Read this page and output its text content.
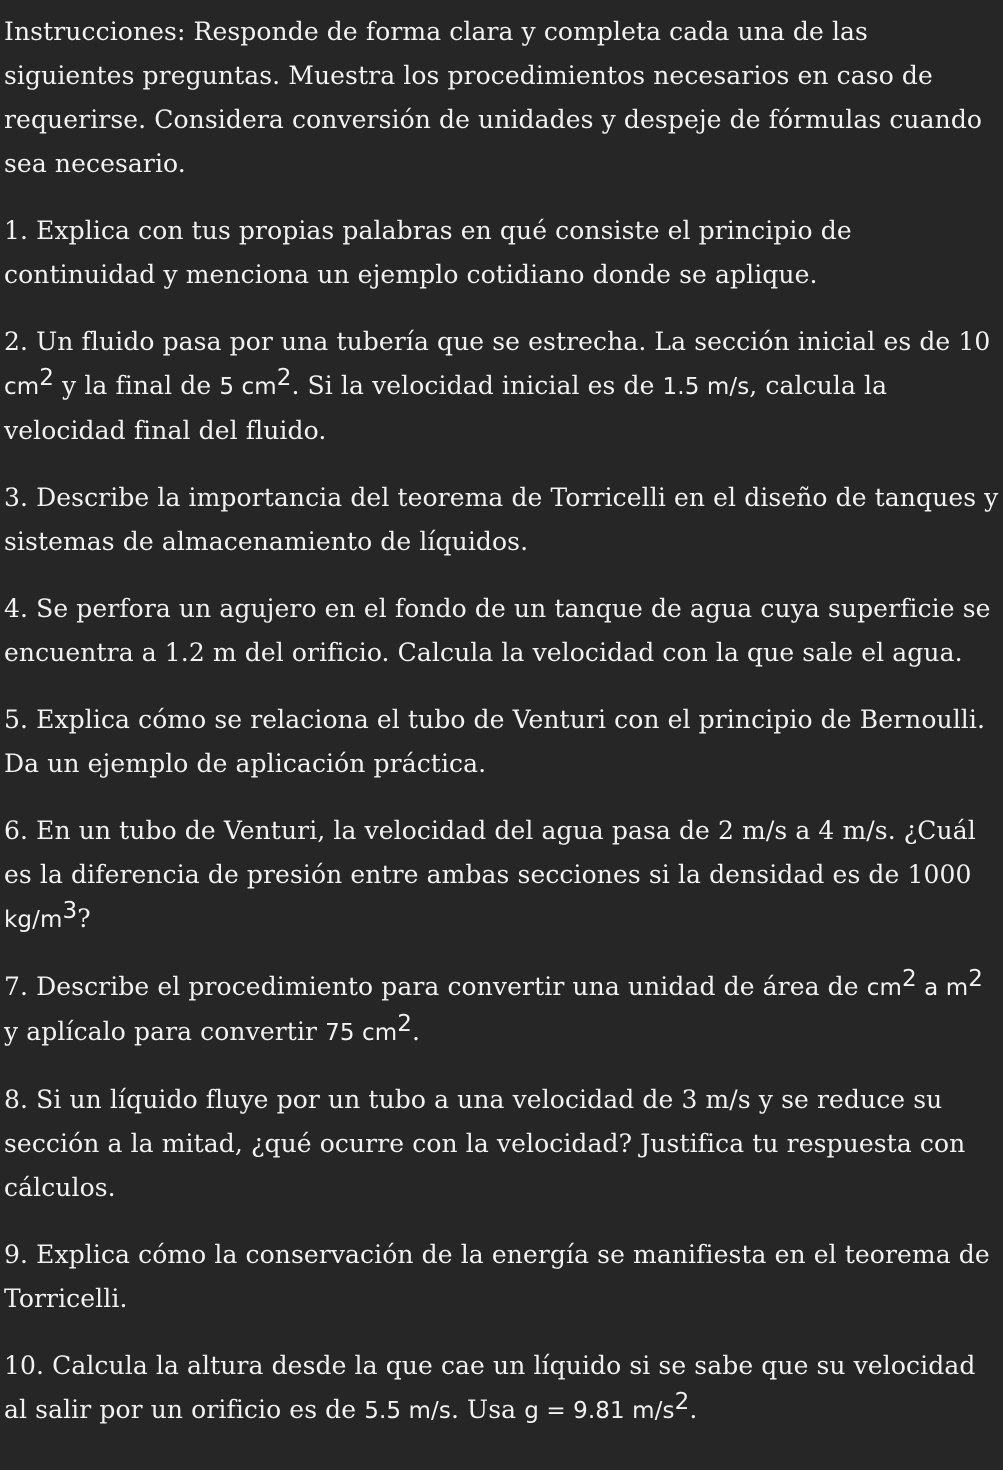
Instrucciones: Responde de forma clara y completa cada una de las siguientes preguntas. Muestra los procedimientos necesarios en caso de requerirse. Considera conversión de unidades y despeje de fórmulas cuando sea necesario.

1. Explica con tus propias palabras en qué consiste el principio de continuidad y menciona un ejemplo cotidiano donde se aplique.

2. Un fluido pasa por una tubería que se estrecha. La sección inicial es de 10
$cm^2$ y la final de 5 $cm^2$. Si la velocidad inicial es de 1.5 m/s, calcula la velocidad final del fluido.

3. Describe la importancia del teorema de Torricelli en el diseño de tanques y sistemas de almacenamiento de líquidos.

4. Se perfora un agujero en el fondo de un tanque de agua cuya superficie se encuentra a 1.2 m del orificio. Calcula la velocidad con la que sale el agua.

5. Explica cómo se relaciona el tubo de Venturi con el principio de Bernoulli. Da un ejemplo de aplicación práctica.

6. En un tubo de Venturi, la velocidad del agua pasa de 2 m/s a 4 m/s. ¿Cuál es la diferencia de presión entre ambas secciones si la densidad es de 1000
$kg/m^3$?

7. Describe el procedimiento para convertir una unidad de área de $cm^2$ a $m^2$ y aplícalo para convertir 75 $cm^2$.

8. Si un líquido fluye por un tubo a una velocidad de 3 m/s y se reduce su sección a la mitad, ¿qué ocurre con la velocidad? Justifica tu respuesta con cálculos.

9. Explica cómo la conservación de la energía se manifiesta en el teorema de Torricelli.

10. Calcula la altura desde la que cae un líquido si se sabe que su velocidad al salir por un orificio es de 5.5 m/s. Usa g = 9.81 $m/s^2$.
